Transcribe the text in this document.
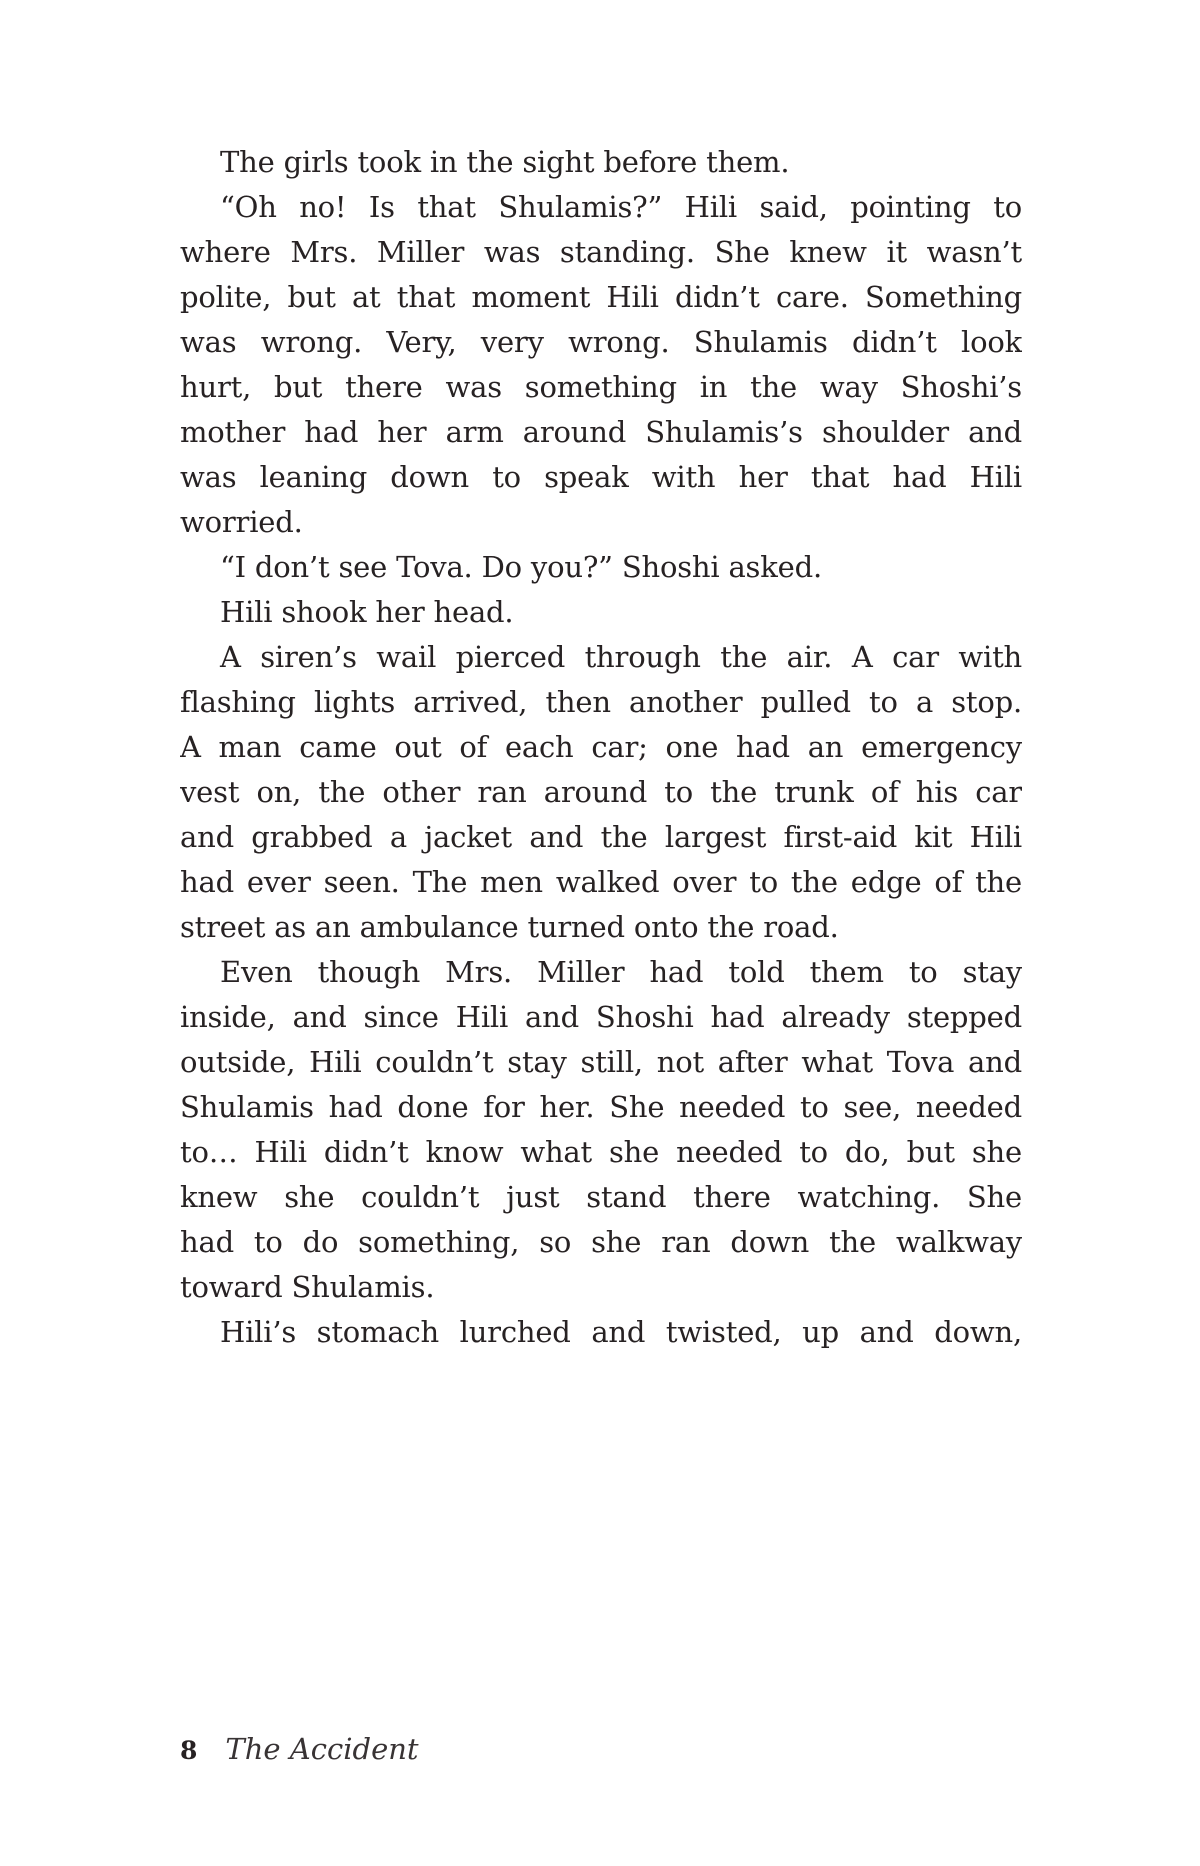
The girls took in the sight before them.
“Oh no! Is that Shulamis?” Hili said, pointing to
where Mrs. Miller was standing. She knew it wasn’t
polite, but at that moment Hili didn’t care. Something
was wrong. Very, very wrong. Shulamis didn’t look
hurt, but there was something in the way Shoshi’s
mother had her arm around Shulamis’s shoulder and
was leaning down to speak with her that had Hili
worried.
“I don’t see Tova. Do you?” Shoshi asked.
Hili shook her head.
A siren’s wail pierced through the air. A car with
flashing lights arrived, then another pulled to a stop.
A man came out of each car; one had an emergency
vest on, the other ran around to the trunk of his car
and grabbed a jacket and the largest first-aid kit Hili
had ever seen. The men walked over to the edge of the
street as an ambulance turned onto the road.
Even though Mrs. Miller had told them to stay
inside, and since Hili and Shoshi had already stepped
outside, Hili couldn’t stay still, not after what Tova and
Shulamis had done for her. She needed to see, needed
to… Hili didn’t know what she needed to do, but she
knew she couldn’t just stand there watching. She
had to do something, so she ran down the walkway
toward Shulamis.
Hili’s stomach lurched and twisted, up and down,
8 The Accident
